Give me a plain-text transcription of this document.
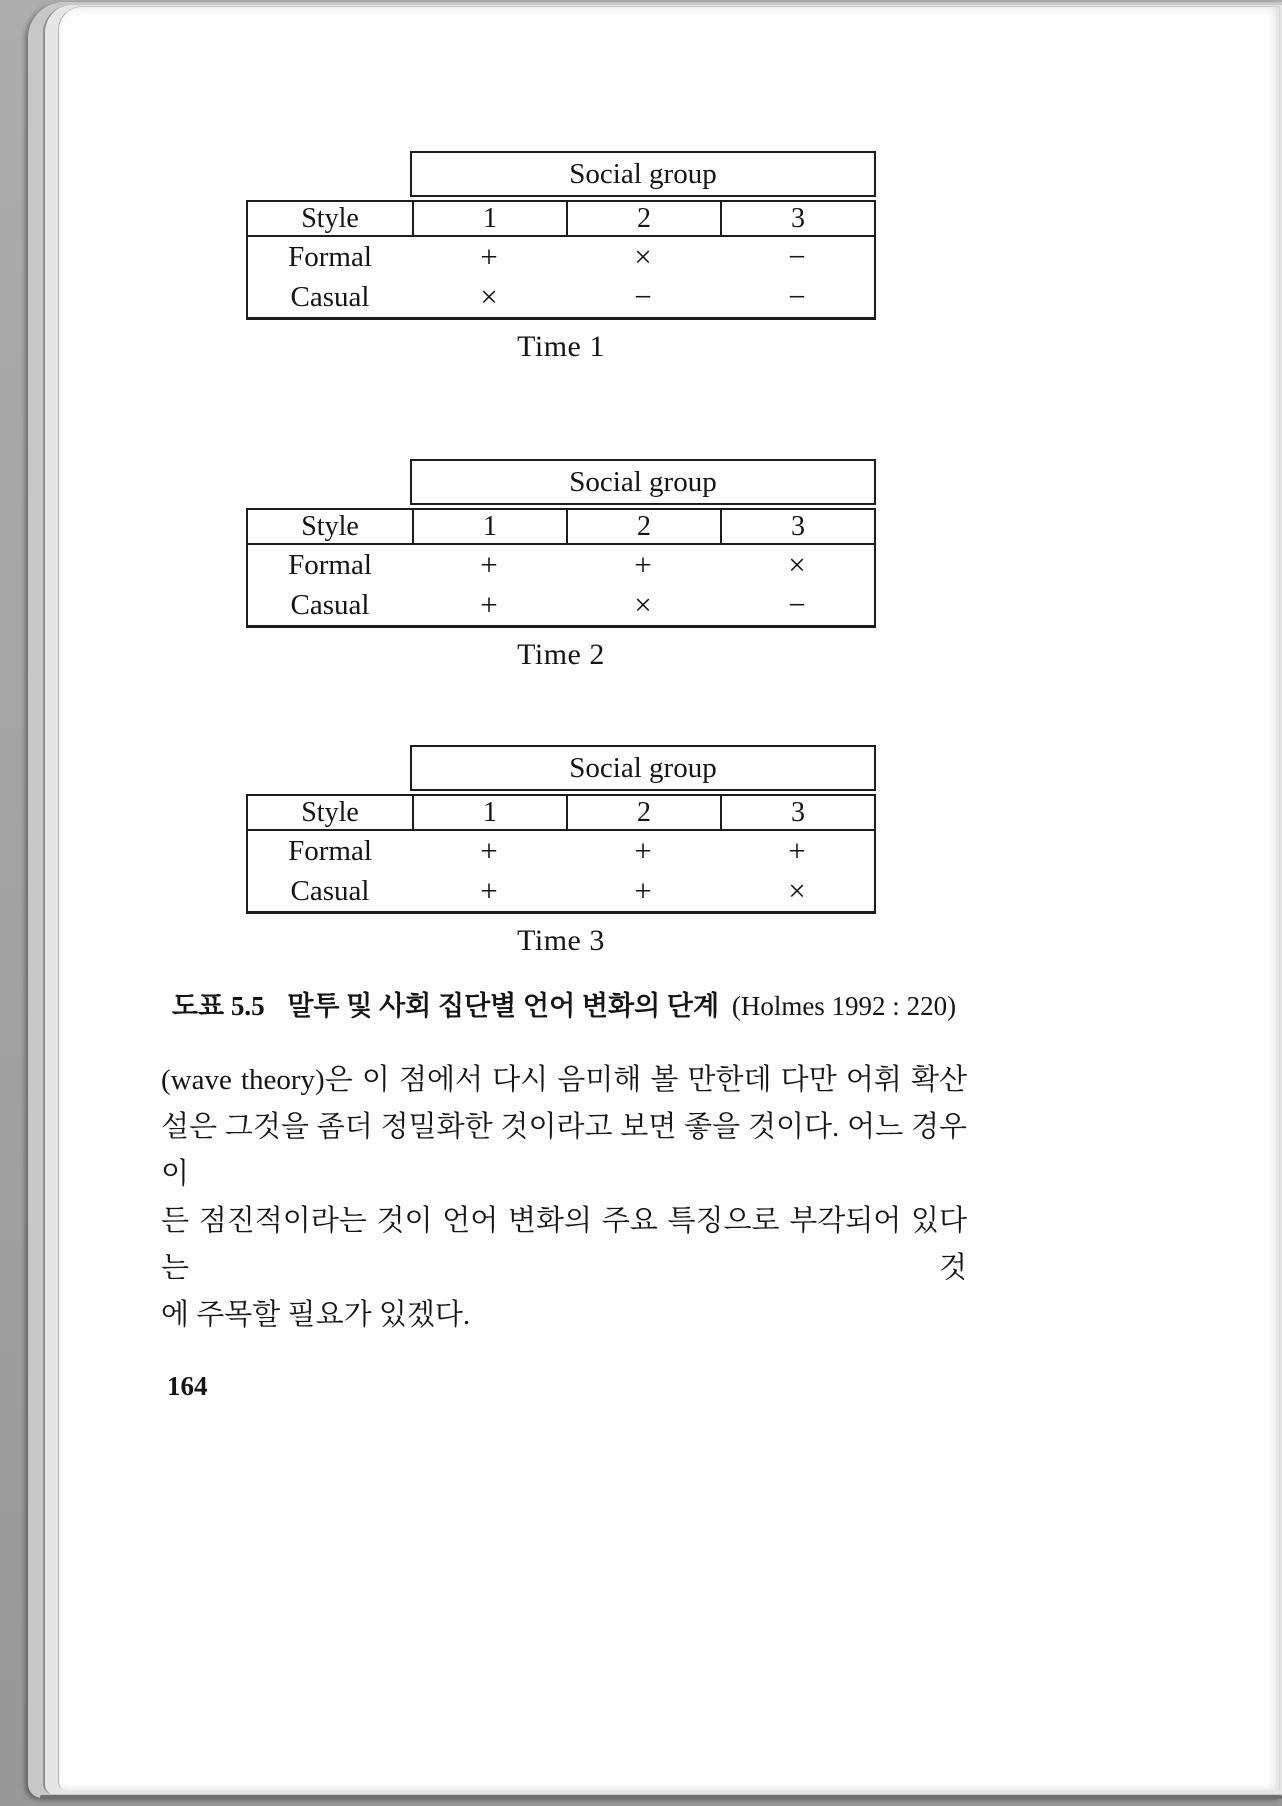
Social group
Style	1	2	3
Formal	+	×	−
Casual	×	−	−
Time 1
Social group
Style	1	2	3
Formal	+	+	×
Casual	+	×	−
Time 2
Social group
Style	1	2	3
Formal	+	+	+
Casual	+	+	×
Time 3
도표 5.5 말투 및 사회 집단별 언어 변화의 단계 (Holmes 1992 : 220)
(wave theory)은 이 점에서 다시 음미해 볼 만한데 다만 어휘 확산
설은 그것을 좀더 정밀화한 것이라고 보면 좋을 것이다. 어느 경우이
든 점진적이라는 것이 언어 변화의 주요 특징으로 부각되어 있다는 것
에 주목할 필요가 있겠다.
164
